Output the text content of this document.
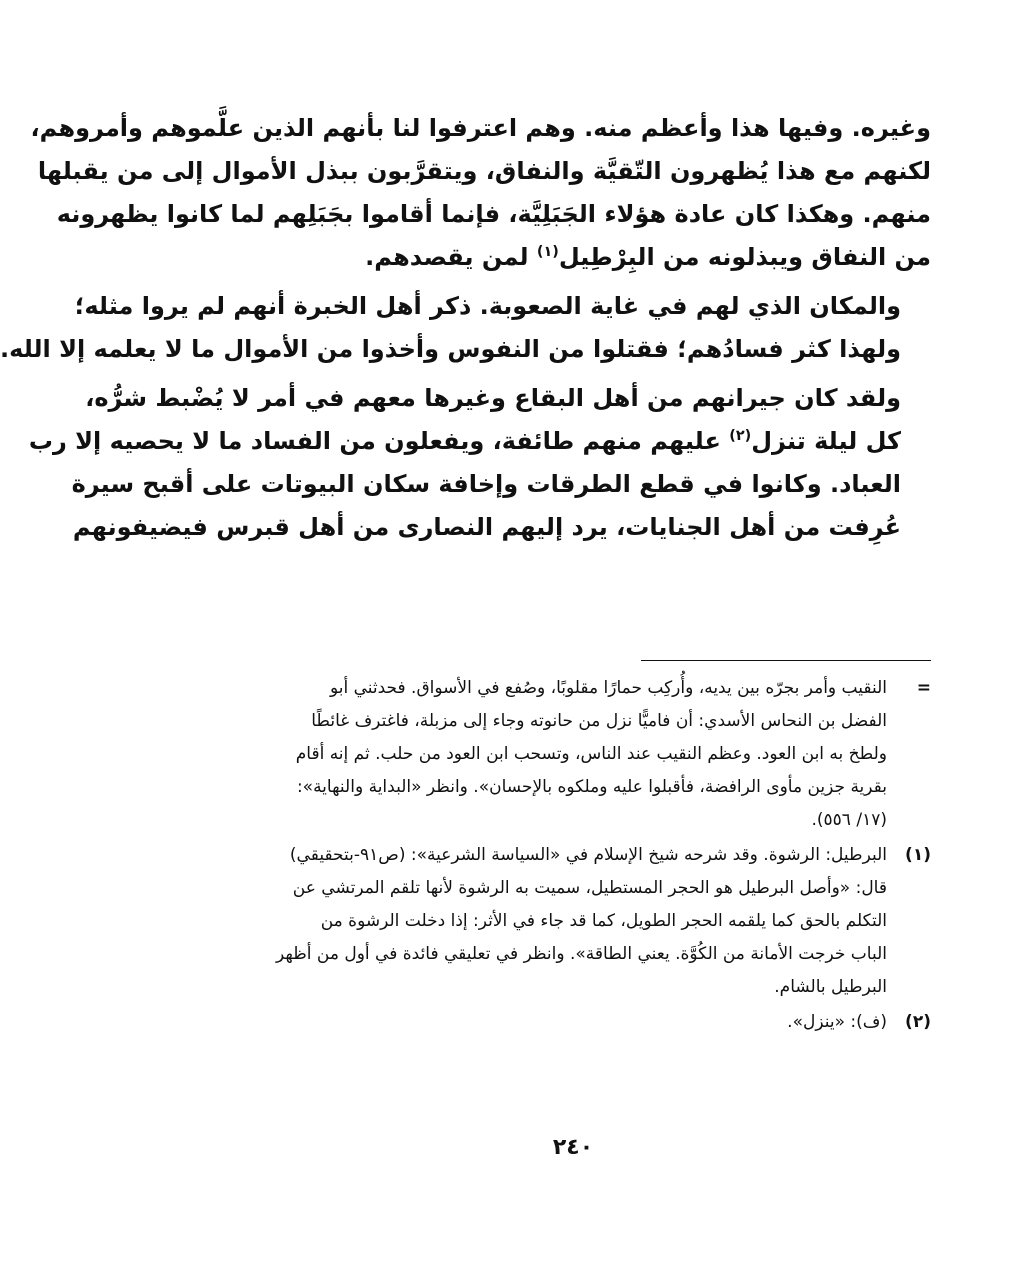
وغيره. وفيها هذا وأعظم منه. وهم اعترفوا لنا بأنهم الذين علَّموهم وأمروهم،
لكنهم مع هذا يُظهرون التّقيَّة والنفاق، ويتقرَّبون ببذل الأموال إلى من يقبلها
منهم. وهكذا كان عادة هؤلاء الجَبَلِيَّة، فإنما أقاموا بجَبَلِهم لما كانوا يظهرونه
من النفاق ويبذلونه من البِرْطِيل$^{(١)}$ لمن يقصدهم.
والمكان الذي لهم في غاية الصعوبة. ذكر أهل الخبرة أنهم لم يروا مثله؛
ولهذا كثر فسادُهم؛ فقتلوا من النفوس وأخذوا من الأموال ما لا يعلمه إلا الله.
ولقد كان جيرانهم من أهل البقاع وغيرها معهم في أمر لا يُضْبط شرُّه،
كل ليلة تنزل$^{(٢)}$ عليهم منهم طائفة، ويفعلون من الفساد ما لا يحصيه إلا رب
العباد. وكانوا في قطع الطرقات وإخافة سكان البيوتات على أقبح سيرة
عُرِفت من أهل الجنايات، يرد إليهم النصارى من أهل قبرس فيضيفونهم
=
النقيب وأمر بجرّه بين يديه، وأُركِب حمارًا مقلوبًا، وصُفع في الأسواق. فحدثني أبو
الفضل بن النحاس الأسدي: أن فاميًّا نزل من حانوته وجاء إلى مزبلة، فاغترف غائطًا
ولطخ به ابن العود. وعظم النقيب عند الناس، وتسحب ابن العود من حلب. ثم إنه أقام
بقرية جزين مأوى الرافضة، فأقبلوا عليه وملكوه بالإحسان». وانظر «البداية والنهاية»:
(١٧/ ٥٥٦).
(١)
البرطيل: الرشوة. وقد شرحه شيخ الإسلام في «السياسة الشرعية»: (ص٩١-بتحقيقي)
قال: «وأصل البرطيل هو الحجر المستطيل، سميت به الرشوة لأنها تلقم المرتشي عن
التكلم بالحق كما يلقمه الحجر الطويل، كما قد جاء في الأثر: إذا دخلت الرشوة من
الباب خرجت الأمانة من الكُوَّة. يعني الطاقة». وانظر في تعليقي فائدة في أول من أظهر
البرطيل بالشام.
(٢)
(ف): «ينزل».
٢٤٠
